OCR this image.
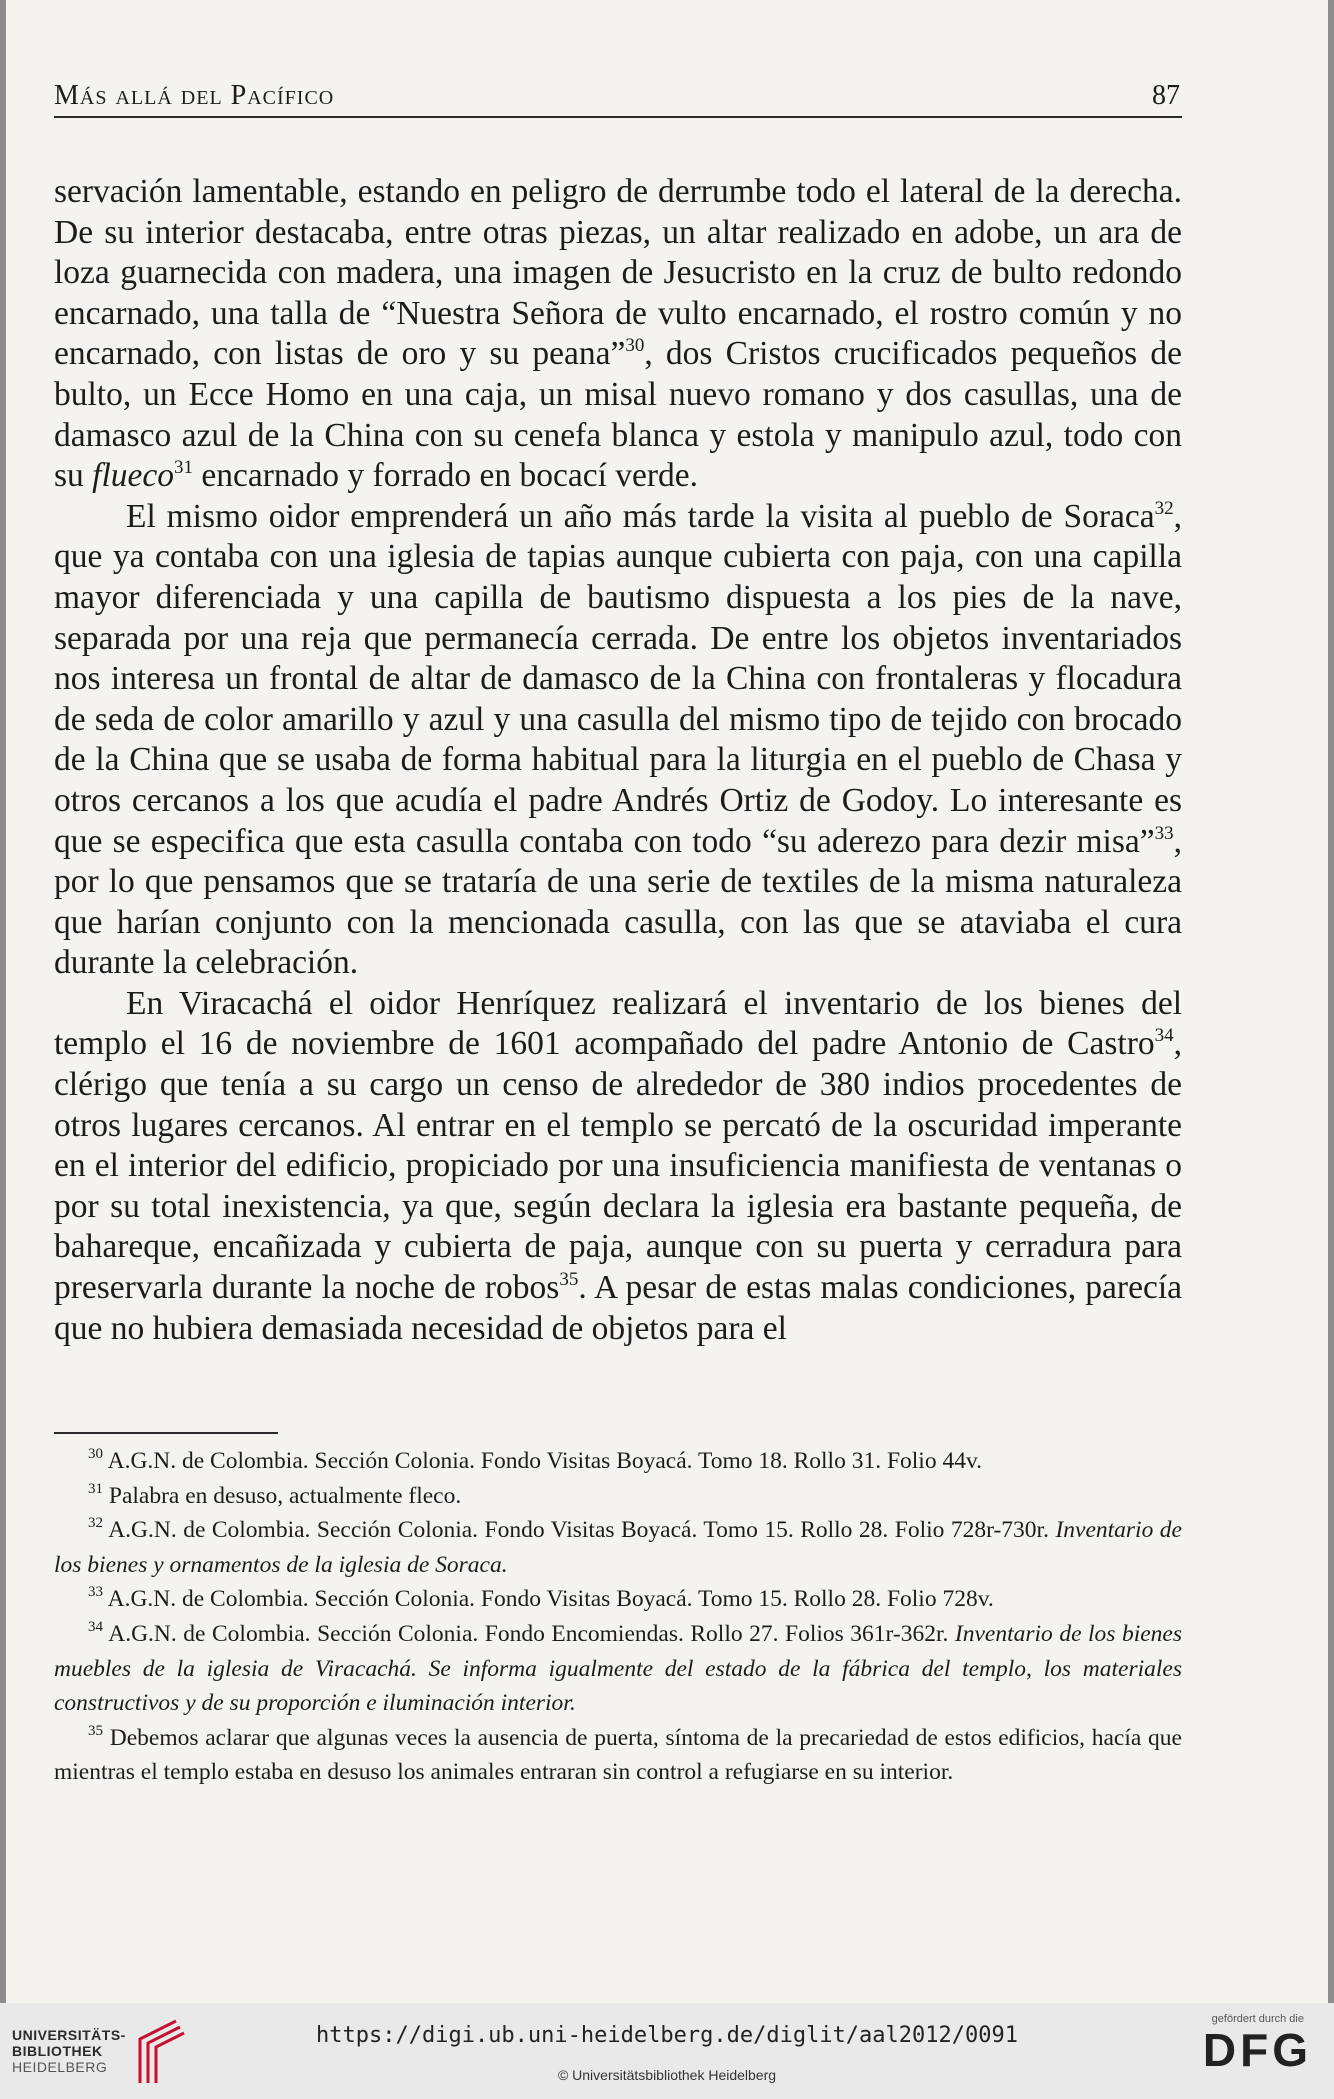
Más allá del Pacífico	87

servación lamentable, estando en peligro de derrumbe todo el lateral de la derecha. De su interior destacaba, entre otras piezas, un altar realizado en adobe, un ara de loza guarnecida con madera, una imagen de Jesucristo en la cruz de bulto redondo encarnado, una talla de “Nuestra Señora de vulto encarnado, el rostro común y no encarnado, con listas de oro y su peana”$^{30}$, dos Cristos crucificados pequeños de bulto, un Ecce Homo en una caja, un misal nuevo romano y dos casullas, una de damasco azul de la China con su cenefa blanca y estola y manipulo azul, todo con su flueco$^{31}$ encarnado y forrado en bocací verde.

El mismo oidor emprenderá un año más tarde la visita al pueblo de Soraca$^{32}$, que ya contaba con una iglesia de tapias aunque cubierta con paja, con una capilla mayor diferenciada y una capilla de bautismo dispuesta a los pies de la nave, separada por una reja que permanecía cerrada. De entre los objetos inventariados nos interesa un frontal de altar de damasco de la China con frontaleras y flocadura de seda de color amarillo y azul y una casulla del mismo tipo de tejido con brocado de la China que se usaba de forma habitual para la liturgia en el pueblo de Chasa y otros cercanos a los que acudía el padre Andrés Ortiz de Godoy. Lo interesante es que se especifica que esta casulla contaba con todo “su aderezo para dezir misa”$^{33}$, por lo que pensamos que se trataría de una serie de textiles de la misma naturaleza que harían conjunto con la mencionada casulla, con las que se ataviaba el cura durante la celebración.

En Viracachá el oidor Henríquez realizará el inventario de los bienes del templo el 16 de noviembre de 1601 acompañado del padre Antonio de Castro$^{34}$, clérigo que tenía a su cargo un censo de alrededor de 380 indios procedentes de otros lugares cercanos. Al entrar en el templo se percató de la oscuridad imperante en el interior del edificio, propiciado por una insuficiencia manifiesta de ventanas o por su total inexistencia, ya que, según declara la iglesia era bastante pequeña, de bahareque, encañizada y cubierta de paja, aunque con su puerta y cerradura para preservarla durante la noche de robos$^{35}$. A pesar de estas malas condiciones, parecía que no hubiera demasiada necesidad de objetos para el

$^{30}$ A.G.N. de Colombia. Sección Colonia. Fondo Visitas Boyacá. Tomo 18. Rollo 31. Folio 44v.

$^{31}$ Palabra en desuso, actualmente fleco.

$^{32}$ A.G.N. de Colombia. Sección Colonia. Fondo Visitas Boyacá. Tomo 15. Rollo 28. Folio 728r-730r. Inventario de los bienes y ornamentos de la iglesia de Soraca.

$^{33}$ A.G.N. de Colombia. Sección Colonia. Fondo Visitas Boyacá. Tomo 15. Rollo 28. Folio 728v.

$^{34}$ A.G.N. de Colombia. Sección Colonia. Fondo Encomiendas. Rollo 27. Folios 361r-362r. Inventario de los bienes muebles de la iglesia de Viracachá. Se informa igualmente del estado de la fábrica del templo, los materiales constructivos y de su proporción e iluminación interior.

$^{35}$ Debemos aclarar que algunas veces la ausencia de puerta, síntoma de la precariedad de estos edificios, hacía que mientras el templo estaba en desuso los animales entraran sin control a refugiarse en su interior.

UNIVERSITÄTS-
BIBLIOTHEK
HEIDELBERG
https://digi.ub.uni-heidelberg.de/diglit/aal2012/0091
© Universitätsbibliothek Heidelberg
gefördert durch die
DFG
